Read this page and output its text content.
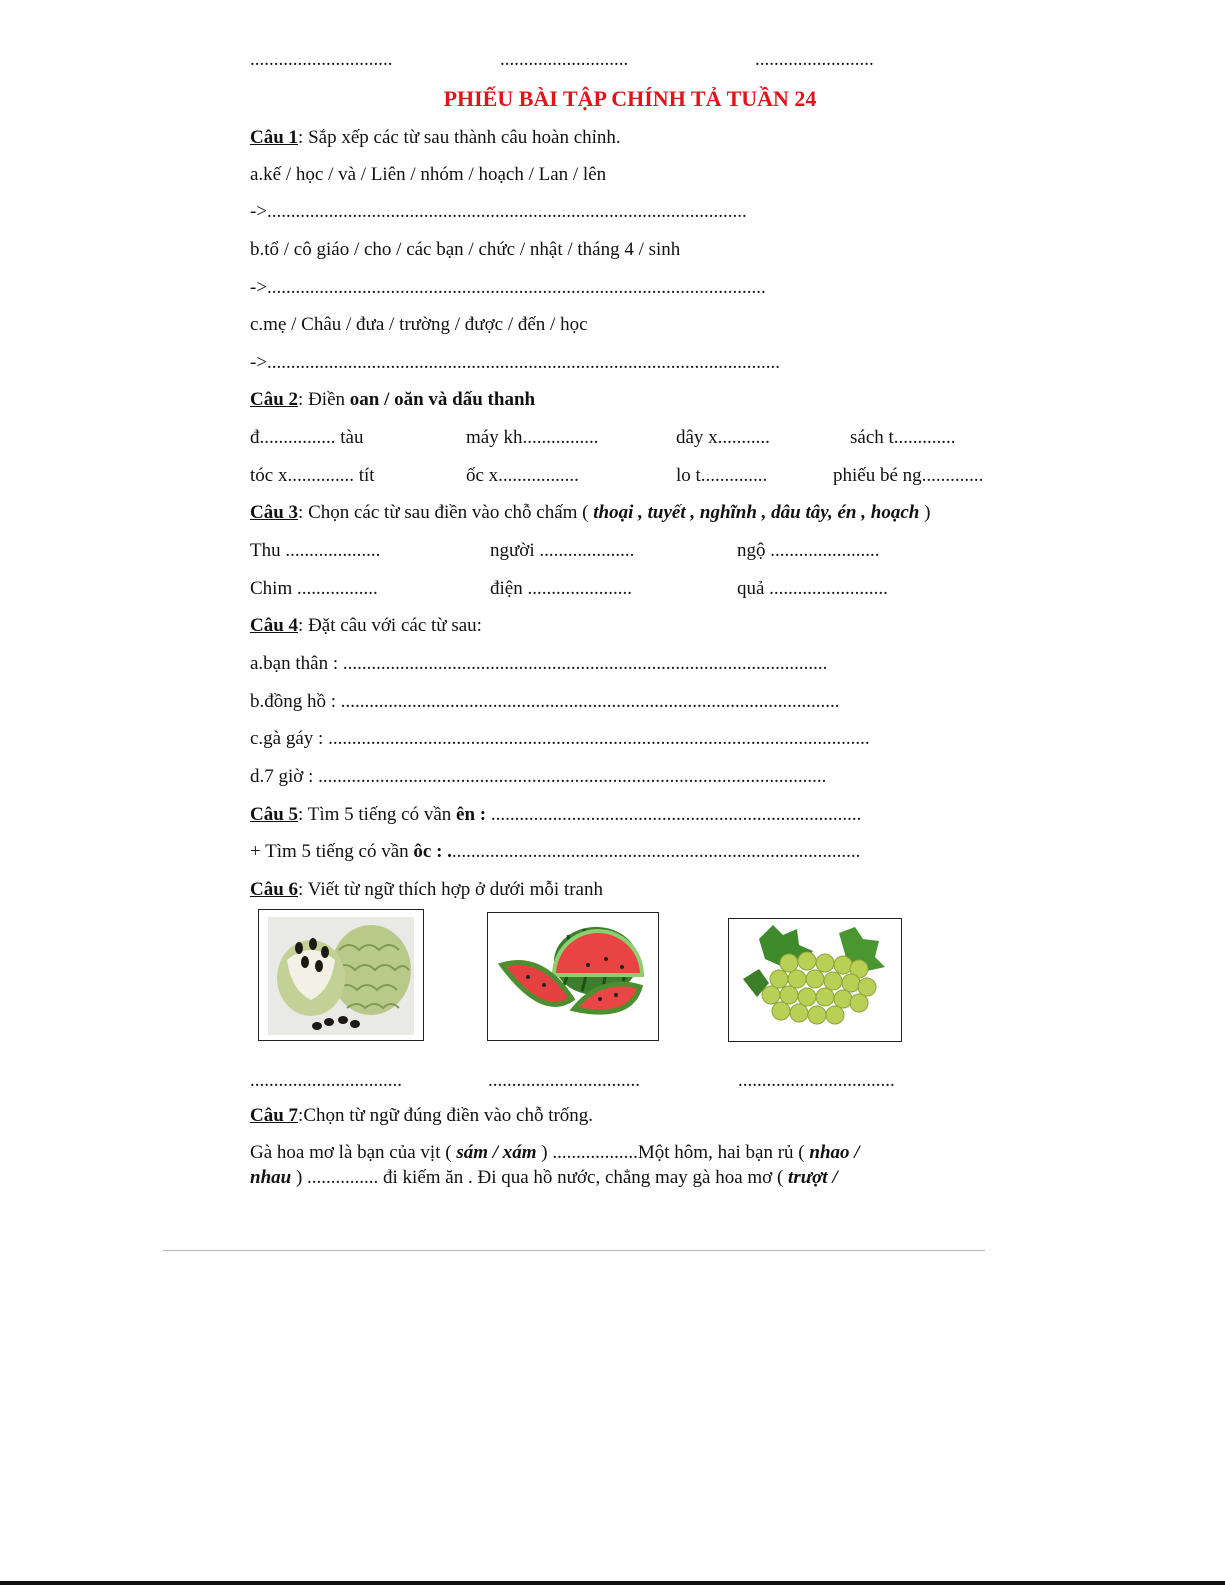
..............................	...........................	.........................
PHIẾU BÀI TẬP CHÍNH TẢ TUẦN 24
Câu 1: Sắp xếp các từ sau thành câu hoàn chỉnh.
a.kế / học / và / Liên / nhóm / hoạch / Lan / lên
->.....................................................................................................
b.tổ / cô giáo / cho / các bạn / chức / nhật / tháng 4 / sinh
->.........................................................................................................
c.mẹ / Châu / đưa / trường / được / đến / học
->............................................................................................................
Câu 2: Điền oan / oăn và dấu thanh
đ................ tàu	máy kh................	dây x...........	sách t.............
tóc x.............. tít	ốc x.................	lo t..............	phiếu bé ng.............
Câu 3: Chọn các từ sau điền vào chỗ chấm ( thoại , tuyết , nghĩnh , dâu tây, én , hoạch )
Thu ....................	người ....................	ngộ .......................
Chim .................	điện ......................	quả .........................
Câu 4: Đặt câu với các từ sau:
a.bạn thân : ......................................................................................................
b.đồng hồ : .........................................................................................................
c.gà gáy : ..................................................................................................................
d.7 giờ : ...........................................................................................................
Câu 5: Tìm 5 tiếng có vần ên : ..............................................................................
+ Tìm 5 tiếng có vần ôc : .......................................................................................
Câu 6: Viết từ ngữ thích hợp ở dưới mỗi tranh
................................	................................	.................................
Câu 7:Chọn từ ngữ đúng điền vào chỗ trống.
Gà hoa mơ là bạn của vịt ( sám / xám ) ..................Một hôm, hai bạn rủ ( nhao /
nhau ) ............... đi kiếm ăn . Đi qua hồ nước, chẳng may gà hoa mơ ( trượt /
